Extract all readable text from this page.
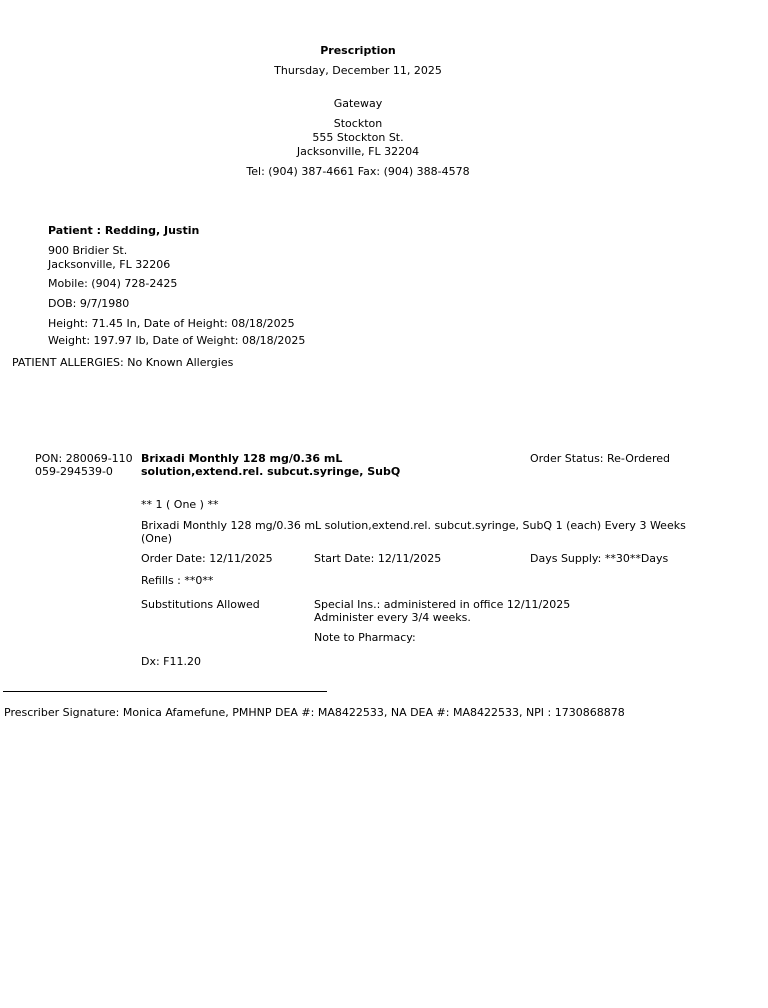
Prescription
Thursday, December 11, 2025
Gateway
Stockton
555 Stockton St.
Jacksonville, FL 32204
Tel: (904) 387-4661 Fax: (904) 388-4578
Patient : Redding, Justin
900 Bridier St.
Jacksonville, FL 32206
Mobile: (904) 728-2425
DOB: 9/7/1980
Height: 71.45 In, Date of Height: 08/18/2025
Weight: 197.97 lb, Date of Weight: 08/18/2025
PATIENT ALLERGIES: No Known Allergies
PON: 280069-110059-294539-0
Brixadi Monthly 128 mg/0.36 mL solution,extend.rel. subcut.syringe, SubQ
Order Status: Re-Ordered
** 1 ( One ) **
Brixadi Monthly 128 mg/0.36 mL solution,extend.rel. subcut.syringe, SubQ 1 (each) Every 3 Weeks (One)
Order Date: 12/11/2025	Start Date: 12/11/2025	Days Supply: **30**Days
Refills : **0**
Substitutions Allowed	Special Ins.: administered in office 12/11/2025
Administer every 3/4 weeks.
Note to Pharmacy:
Dx: F11.20
Prescriber Signature: Monica Afamefune, PMHNP DEA #: MA8422533, NA DEA #: MA8422533, NPI : 1730868878
